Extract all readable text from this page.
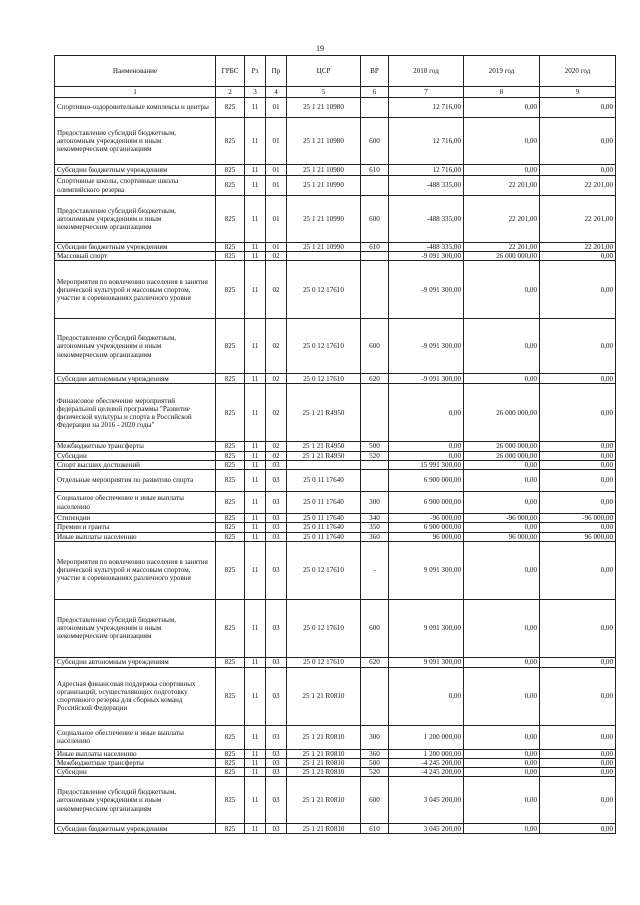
19
Наименование	ГРБС	Рз	Пр	ЦСР	ВР	2018 год	2019 год	2020 год
1	2	3	4	5	6	7	8	9
Спортивно-оздоровительные комплексы и центры	825	11	01	25 1 21 10980		12 716,00	0,00	0,00
Предоставление субсидий бюджетным, автономным учреждениям и иным некоммерческим организациям	825	11	01	25 1 21 10980	600	12 716,00	0,00	0,00
Субсидии бюджетным учреждениям	825	11	01	25 1 21 10980	610	12 716,00	0,00	0,00
Спортивные школы, спортивные школы олимпийского резерва	825	11	01	25 1 21 10990		-488 335,00	22 201,00	22 201,00
Предоставление субсидий бюджетным, автономным учреждениям и иным некоммерческим организациям	825	11	01	25 1 21 10990	600	-488 335,00	22 201,00	22 201,00
Субсидии бюджетным учреждениям	825	11	01	25 1 21 10990	610	-488 335,00	22 201,00	22 201,00
Массовый спорт	825	11	02			-9 091 300,00	26 000 000,00	0,00
Мероприятия по вовлечению населения в занятия физической культурой и массовым спортом, участие в соревнованиях различного уровня	825	11	02	25 0 12 17610		-9 091 300,00	0,00	0,00
Предоставление субсидий бюджетным, автономным учреждениям и иным некоммерческим организациям	825	11	02	25 0 12 17610	600	-9 091 300,00	0,00	0,00
Субсидии автономным учреждениям	825	11	02	25 0 12 17610	620	-9 091 300,00	0,00	0,00
Финансовое обеспечение мероприятий федеральной целевой программы "Развитие физической культуры и спорта в Российской Федерации на 2016 - 2020 годы"	825	11	02	25 1 21 R4950		0,00	26 000 000,00	0,00
Межбюджетные трансферты	825	11	02	25 1 21 R4950	500	0,00	26 000 000,00	0,00
Субсидии	825	11	02	25 1 21 R4950	520	0,00	26 000 000,00	0,00
Спорт высших достижений	825	11	03			15 991 300,00	0,00	0,00
Отдельные мероприятия по развитию спорта	825	11	03	25 0 11 17640		6 900 000,00	0,00	0,00
Социальное обеспечение и иные выплаты населению	825	11	03	25 0 11 17640	300	6 900 000,00	0,00	0,00
Стипендии	825	11	03	25 0 11 17640	340	-96 000,00	-96 000,00	-96 000,00
Премии и гранты	825	11	03	25 0 11 17640	350	6 900 000,00	0,00	0,00
Иные выплаты населению	825	11	03	25 0 11 17640	360	96 000,00	96 000,00	96 000,00
Мероприятия по вовлечению населения в занятия физической культурой и массовым спортом, участие в соревнованиях различного уровня	825	11	03	25 0 12 17610	-	9 091 300,00	0,00	0,00
Предоставление субсидий бюджетным, автономным учреждениям и иным некоммерческим организациям	825	11	03	25 0 12 17610	600	9 091 300,00	0,00	0,00
Субсидии автономным учреждениям	825	11	03	25 0 12 17610	620	9 091 300,00	0,00	0,00
Адресная финансовая поддержка спортивных организаций, осуществляющих подготовку спортивного резерва для сборных команд Российской Федерации	825	11	03	25 1 21 R0810		0,00	0,00	0,00
Социальное обеспечение и иные выплаты населению	825	11	03	25 1 21 R0810	300	1 200 000,00	0,00	0,00
Иные выплаты населению	825	11	03	25 1 21 R0810	360	1 200 000,00	0,00	0,00
Межбюджетные трансферты	825	11	03	25 1 21 R0810	500	-4 245 200,00	0,00	0,00
Субсидии	825	11	03	25 1 21 R0810	520	-4 245 200,00	0,00	0,00
Предоставление субсидий бюджетным, автономным учреждениям и иным некоммерческим организациям	825	11	03	25 1 21 R0810	600	3 045 200,00	0,00	0,00
Субсидии бюджетным учреждениям	825	11	03	25 1 21 R0810	610	3 045 200,00	0,00	0,00
